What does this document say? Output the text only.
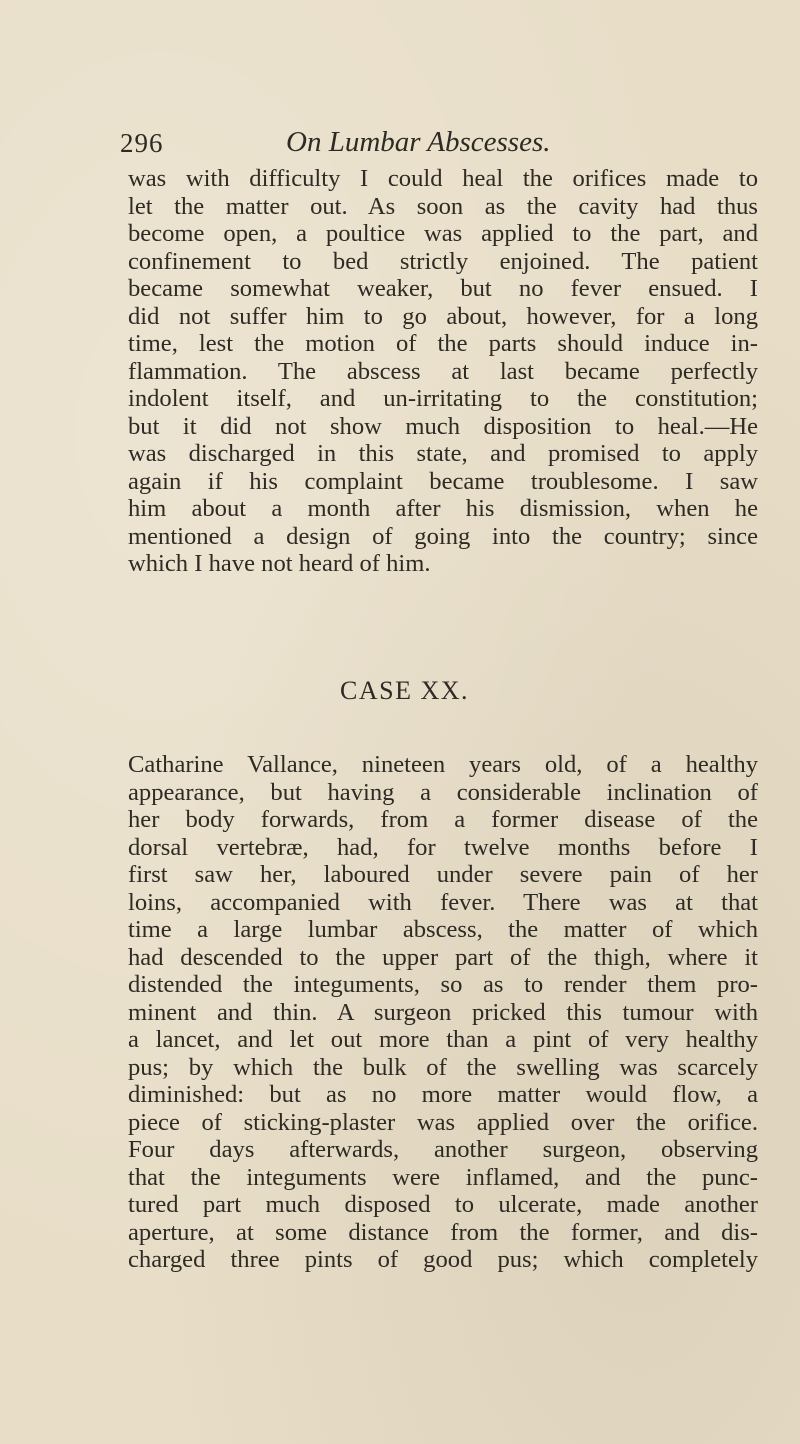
296	On Lumbar Abscesses.
was with difficulty I could heal the orifices made to
let the matter out. As soon as the cavity had thus
become open, a poultice was applied to the part, and
confinement to bed strictly enjoined. The patient
became somewhat weaker, but no fever ensued. I
did not suffer him to go about, however, for a long
time, lest the motion of the parts should induce in-
flammation. The abscess at last became perfectly
indolent itself, and un-irritating to the constitution;
but it did not show much disposition to heal.—He
was discharged in this state, and promised to apply
again if his complaint became troublesome. I saw
him about a month after his dismission, when he
mentioned a design of going into the country; since
which I have not heard of him.
CASE XX.
Catharine Vallance, nineteen years old, of a healthy
appearance, but having a considerable inclination of
her body forwards, from a former disease of the
dorsal vertebræ, had, for twelve months before I
first saw her, laboured under severe pain of her
loins, accompanied with fever. There was at that
time a large lumbar abscess, the matter of which
had descended to the upper part of the thigh, where it
distended the integuments, so as to render them pro-
minent and thin. A surgeon pricked this tumour with
a lancet, and let out more than a pint of very healthy
pus; by which the bulk of the swelling was scarcely
diminished: but as no more matter would flow, a
piece of sticking-plaster was applied over the orifice.
Four days afterwards, another surgeon, observing
that the integuments were inflamed, and the punc-
tured part much disposed to ulcerate, made another
aperture, at some distance from the former, and dis-
charged three pints of good pus; which completely
